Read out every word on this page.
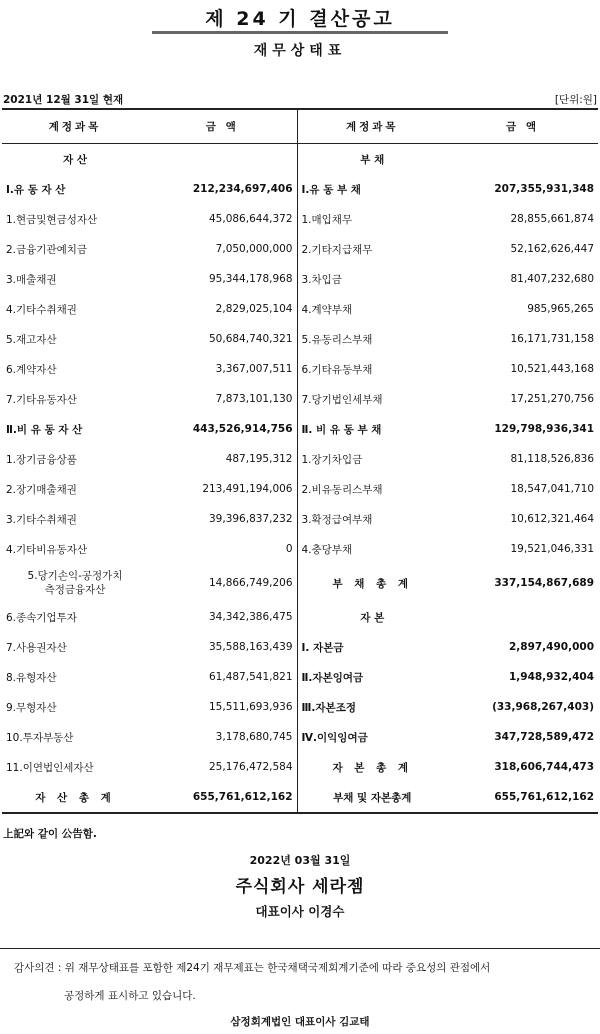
제 24 기 결산공고
재무상태표
2021년 12월 31일 현재	[단위:원]
계정과목	금 액	계정과목	금 액
자 산		부 채	
Ⅰ.유 동 자 산	212,234,697,406	Ⅰ.유 동 부 채	207,355,931,348
1.현금및현금성자산	45,086,644,372	1.매입채무	28,855,661,874
2.금융기관예치금	7,050,000,000	2.기타지급채무	52,162,626,447
3.매출채권	95,344,178,968	3.차입금	81,407,232,680
4.기타수취채권	2,829,025,104	4.계약부채	985,965,265
5.재고자산	50,684,740,321	5.유동리스부채	16,171,731,158
6.계약자산	3,367,007,511	6.기타유동부채	10,521,443,168
7.기타유동자산	7,873,101,130	7.당기법인세부채	17,251,270,756
Ⅱ.비 유 동 자 산	443,526,914,756	Ⅱ. 비 유 동 부 채	129,798,936,341
1.장기금융상품	487,195,312	1.장기차입금	81,118,526,836
2.장기매출채권	213,491,194,006	2.비유동리스부채	18,547,041,710
3.기타수취채권	39,396,837,232	3.확정급여부채	10,612,321,464
4.기타비유동자산	0	4.충당부채	19,521,046,331

5.당기손익-공정가치
측정금융자산	14,866,749,206	부 채 총 계	337,154,867,689
6.종속기업투자	34,342,386,475	자 본	
7.사용권자산	35,588,163,439	Ⅰ. 자본금	2,897,490,000
8.유형자산	61,487,541,821	Ⅱ.자본잉여금	1,948,932,404
9.무형자산	15,511,693,936	Ⅲ.자본조정	(33,968,267,403)
10.투자부동산	3,178,680,745	Ⅳ.이익잉여금	347,728,589,472
11.이연법인세자산	25,176,472,584	자 본 총 계	318,606,744,473
자 산 총 계	655,761,612,162	부채 및 자본총계	655,761,612,162
上記와 같이 公告함.
2022년 03월 31일
주식회사 세라젬
대표이사 이경수
감사의견 : 위 재무상태표를 포함한 제24기 재무제표는 한국채택국제회계기준에 따라 중요성의 관점에서
공정하게 표시하고 있습니다.
삼정회계법인 대표이사 김교태
